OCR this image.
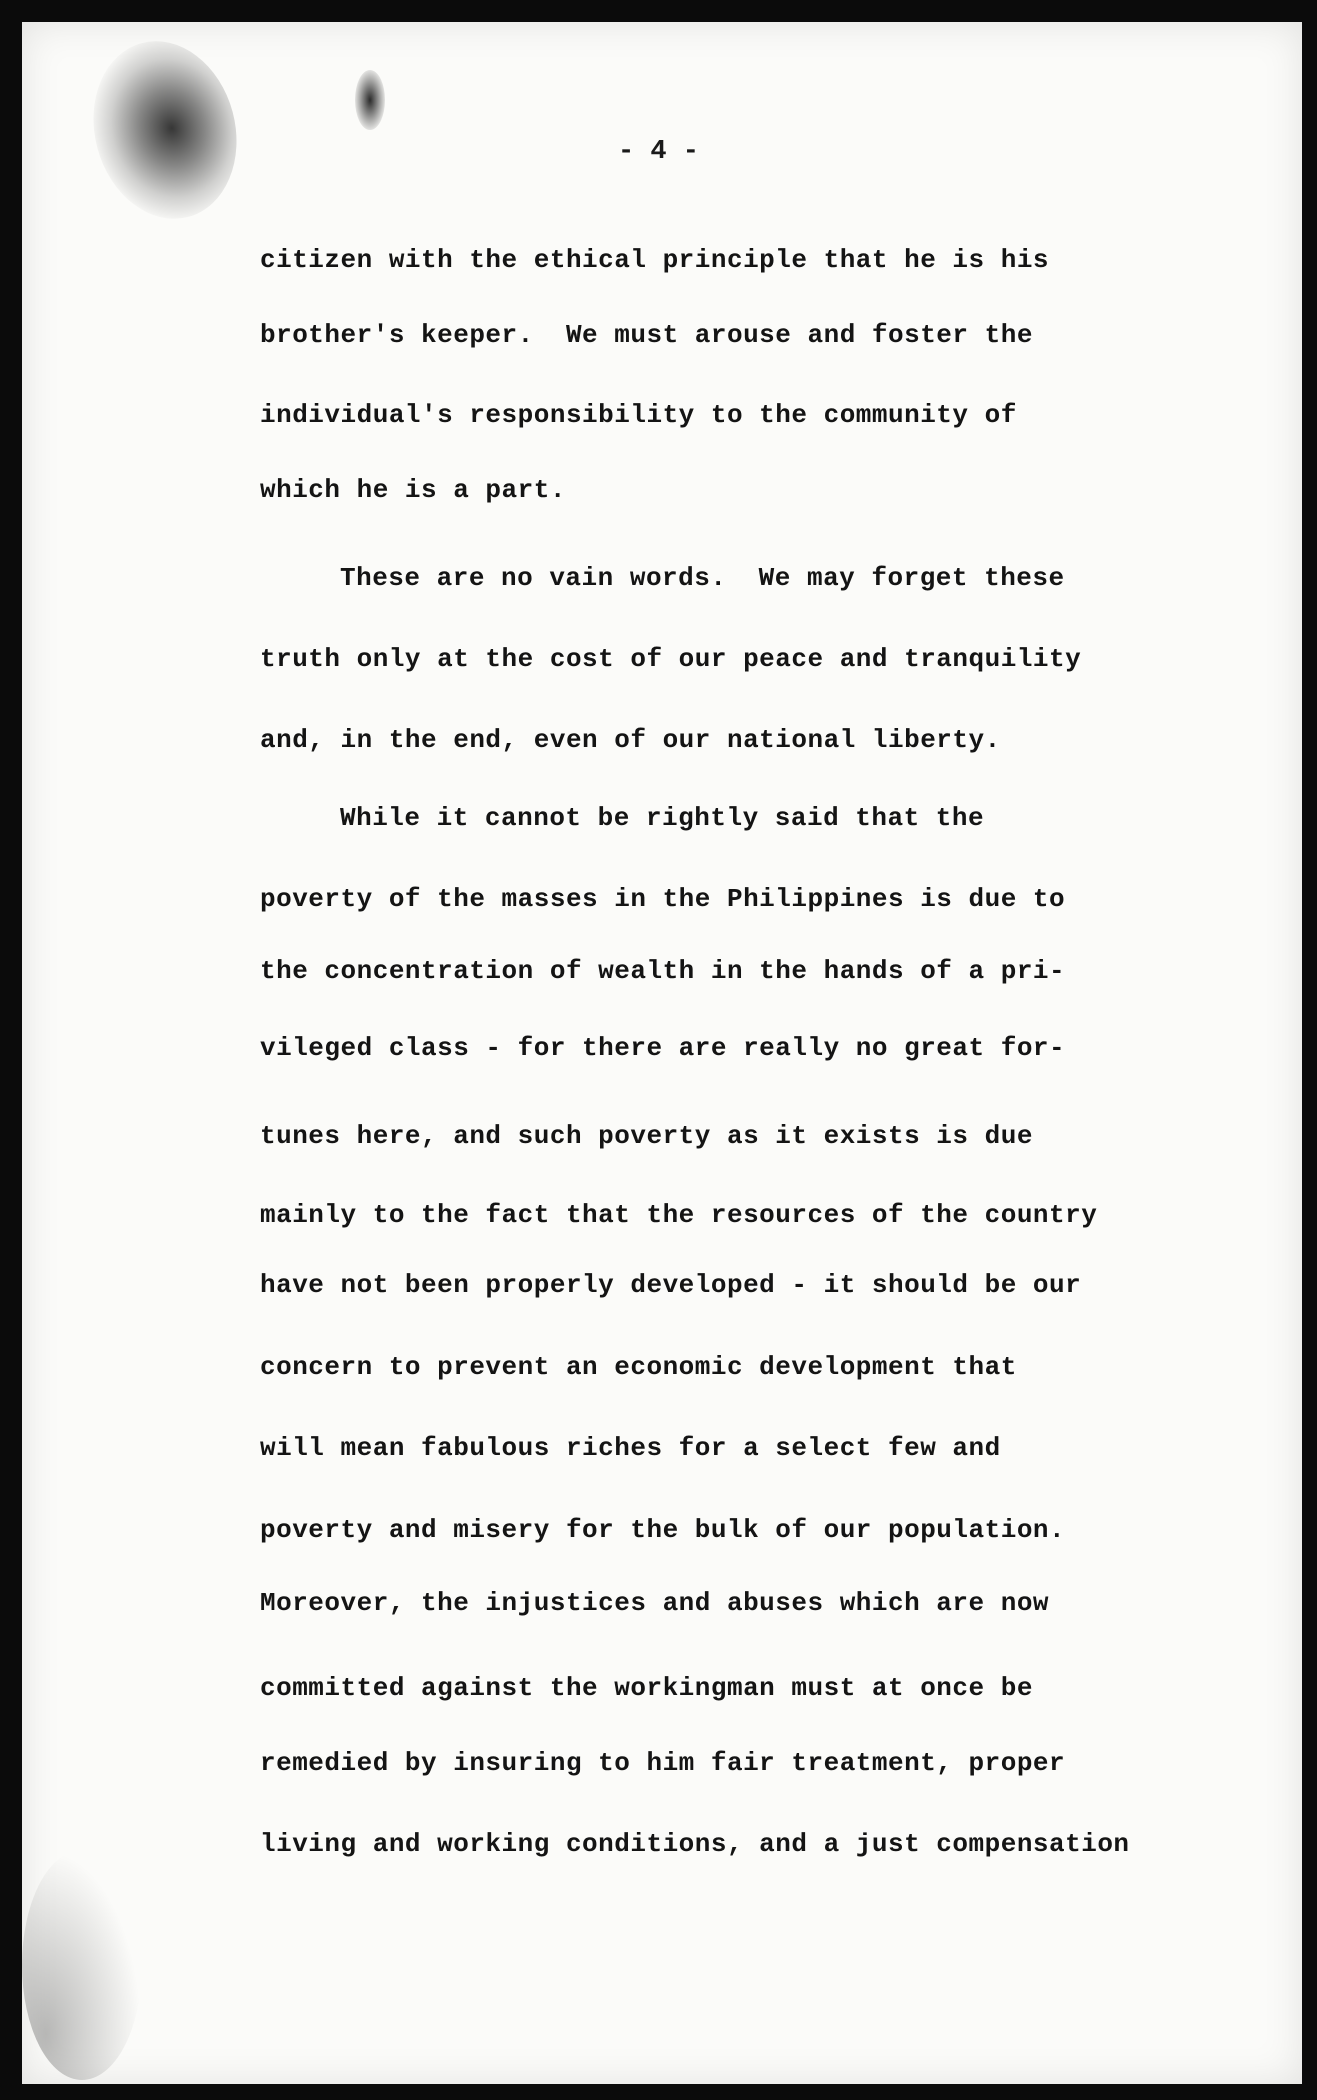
- 4 -
citizen with the ethical principle that he is his
brother's keeper.  We must arouse and foster the
individual's responsibility to the community of
which he is a part.
These are no vain words.  We may forget these
truth only at the cost of our peace and tranquility
and, in the end, even of our national liberty.
While it cannot be rightly said that the
poverty of the masses in the Philippines is due to
the concentration of wealth in the hands of a pri-
vileged class - for there are really no great for-
tunes here, and such poverty as it exists is due
mainly to the fact that the resources of the country
have not been properly developed - it should be our
concern to prevent an economic development that
will mean fabulous riches for a select few and
poverty and misery for the bulk of our population.
Moreover, the injustices and abuses which are now
committed against the workingman must at once be
remedied by insuring to him fair treatment, proper
living and working conditions, and a just compensation
